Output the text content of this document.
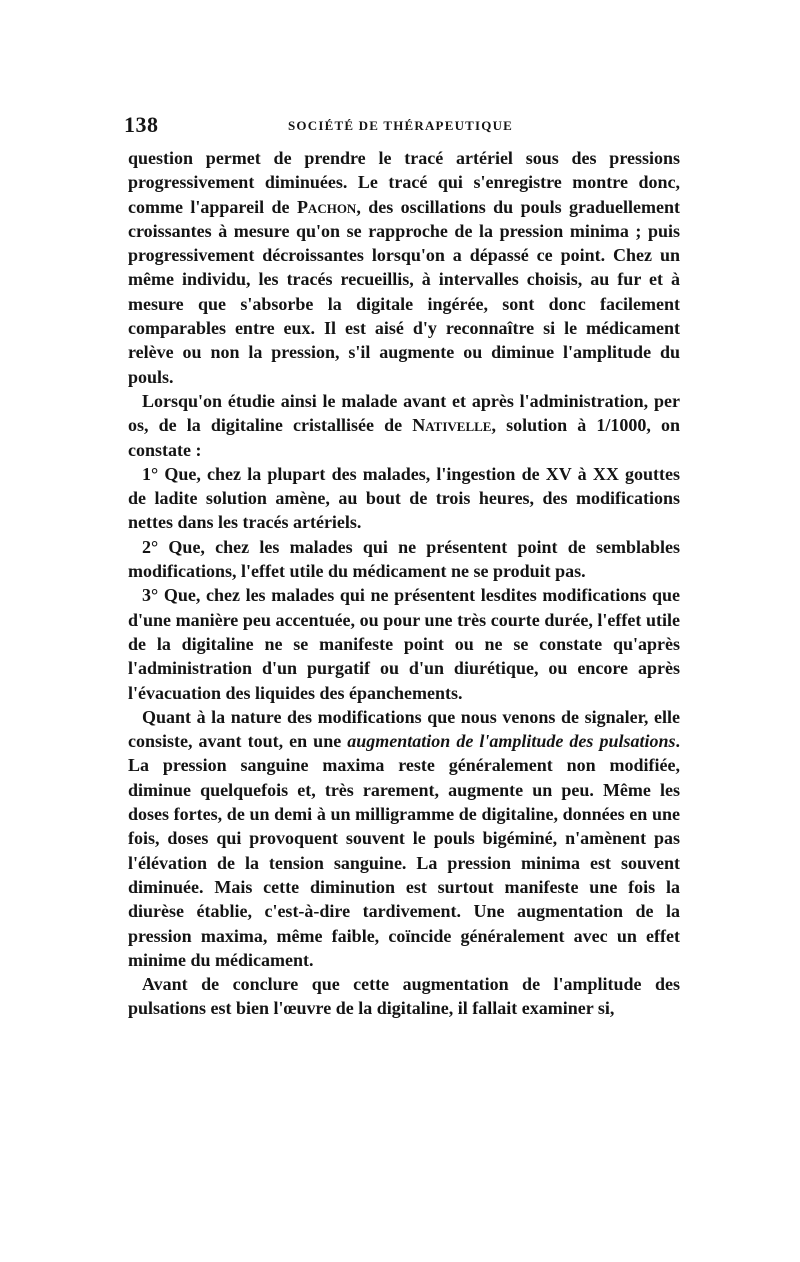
138	SOCIÉTÉ DE THÉRAPEUTIQUE

question permet de prendre le tracé artériel sous des pressions progressivement diminuées. Le tracé qui s'enregistre montre donc, comme l'appareil de Pachon, des oscillations du pouls graduellement croissantes à mesure qu'on se rapproche de la pression minima ; puis progressivement décroissantes lorsqu'on a dépassé ce point. Chez un même individu, les tracés recueillis, à intervalles choisis, au fur et à mesure que s'absorbe la digitale ingérée, sont donc facilement comparables entre eux. Il est aisé d'y reconnaître si le médicament relève ou non la pression, s'il augmente ou diminue l'amplitude du pouls.

Lorsqu'on étudie ainsi le malade avant et après l'administration, per os, de la digitaline cristallisée de Nativelle, solution à 1/1000, on constate :

1° Que, chez la plupart des malades, l'ingestion de XV à XX gouttes de ladite solution amène, au bout de trois heures, des modifications nettes dans les tracés artériels.

2° Que, chez les malades qui ne présentent point de semblables modifications, l'effet utile du médicament ne se produit pas.

3° Que, chez les malades qui ne présentent lesdites modifications que d'une manière peu accentuée, ou pour une très courte durée, l'effet utile de la digitaline ne se manifeste point ou ne se constate qu'après l'administration d'un purgatif ou d'un diurétique, ou encore après l'évacuation des liquides des épanchements.

Quant à la nature des modifications que nous venons de signaler, elle consiste, avant tout, en une augmentation de l'amplitude des pulsations. La pression sanguine maxima reste généralement non modifiée, diminue quelquefois et, très rarement, augmente un peu. Même les doses fortes, de un demi à un milligramme de digitaline, données en une fois, doses qui provoquent souvent le pouls bigéminé, n'amènent pas l'élévation de la tension sanguine. La pression minima est souvent diminuée. Mais cette diminution est surtout manifeste une fois la diurèse établie, c'est-à-dire tardivement. Une augmentation de la pression maxima, même faible, coïncide généralement avec un effet minime du médicament.

Avant de conclure que cette augmentation de l'amplitude des pulsations est bien l'œuvre de la digitaline, il fallait examiner si,
